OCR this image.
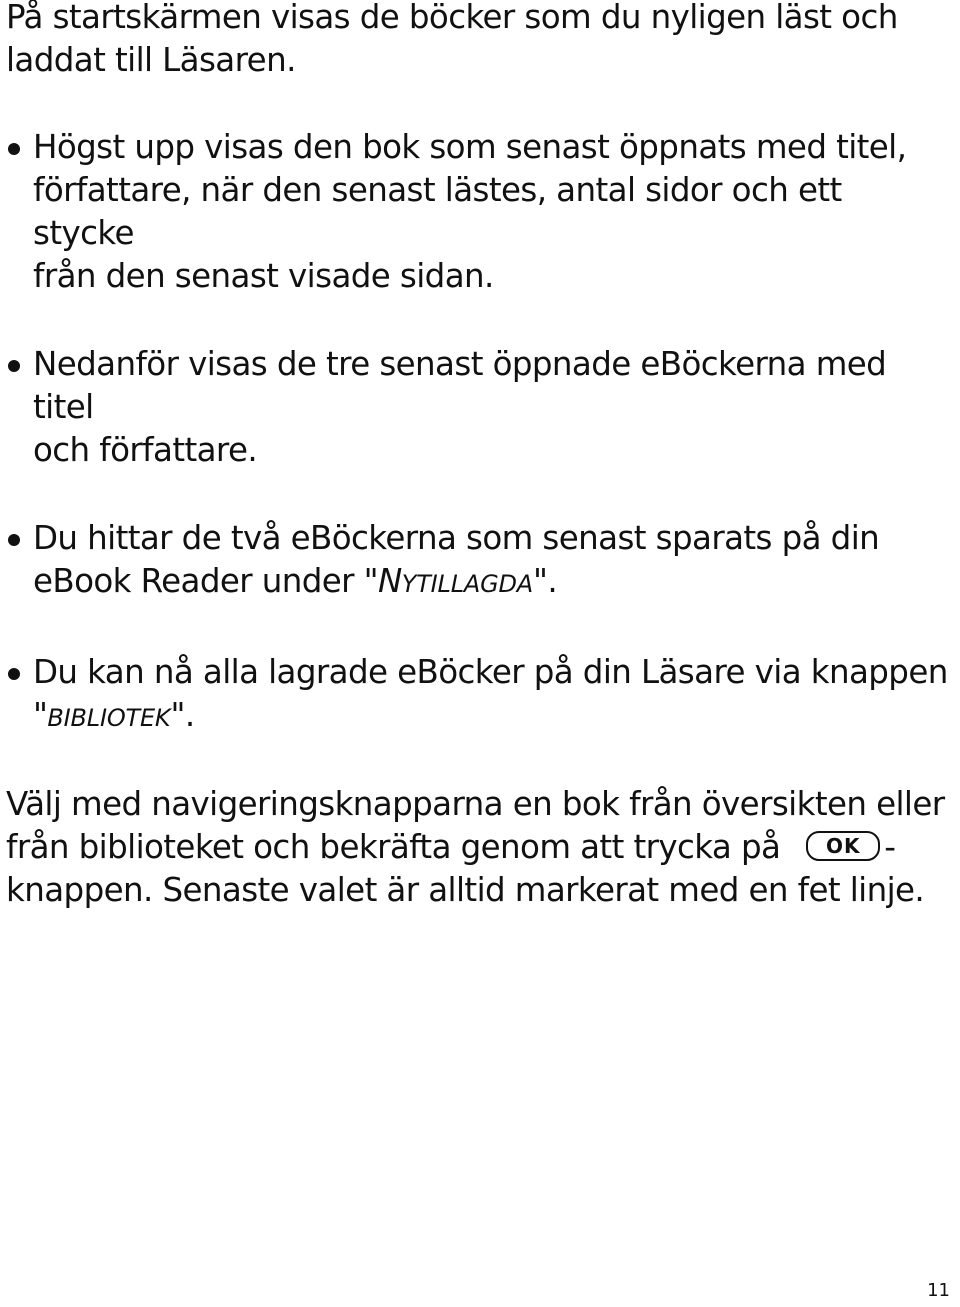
På startskärmen visas de böcker som du nyligen läst och
laddat till Läsaren.

Högst upp visas den bok som senast öppnats med titel,
författare, när den senast lästes, antal sidor och ett stycke
från den senast visade sidan.
Nedanför visas de tre senast öppnade eBöckerna med titel
och författare.
Du hittar de två eBöckerna som senast sparats på din
eBook Reader under "NYTILLAGDA".
Du kan nå alla lagrade eBöcker på din Läsare via knappen
"BIBLIOTEK".

Välj med navigeringsknapparna en bok från översikten eller
från biblioteket och bekräfta genom att trycka på OK -
knappen. Senaste valet är alltid markerat med en fet linje.

11
